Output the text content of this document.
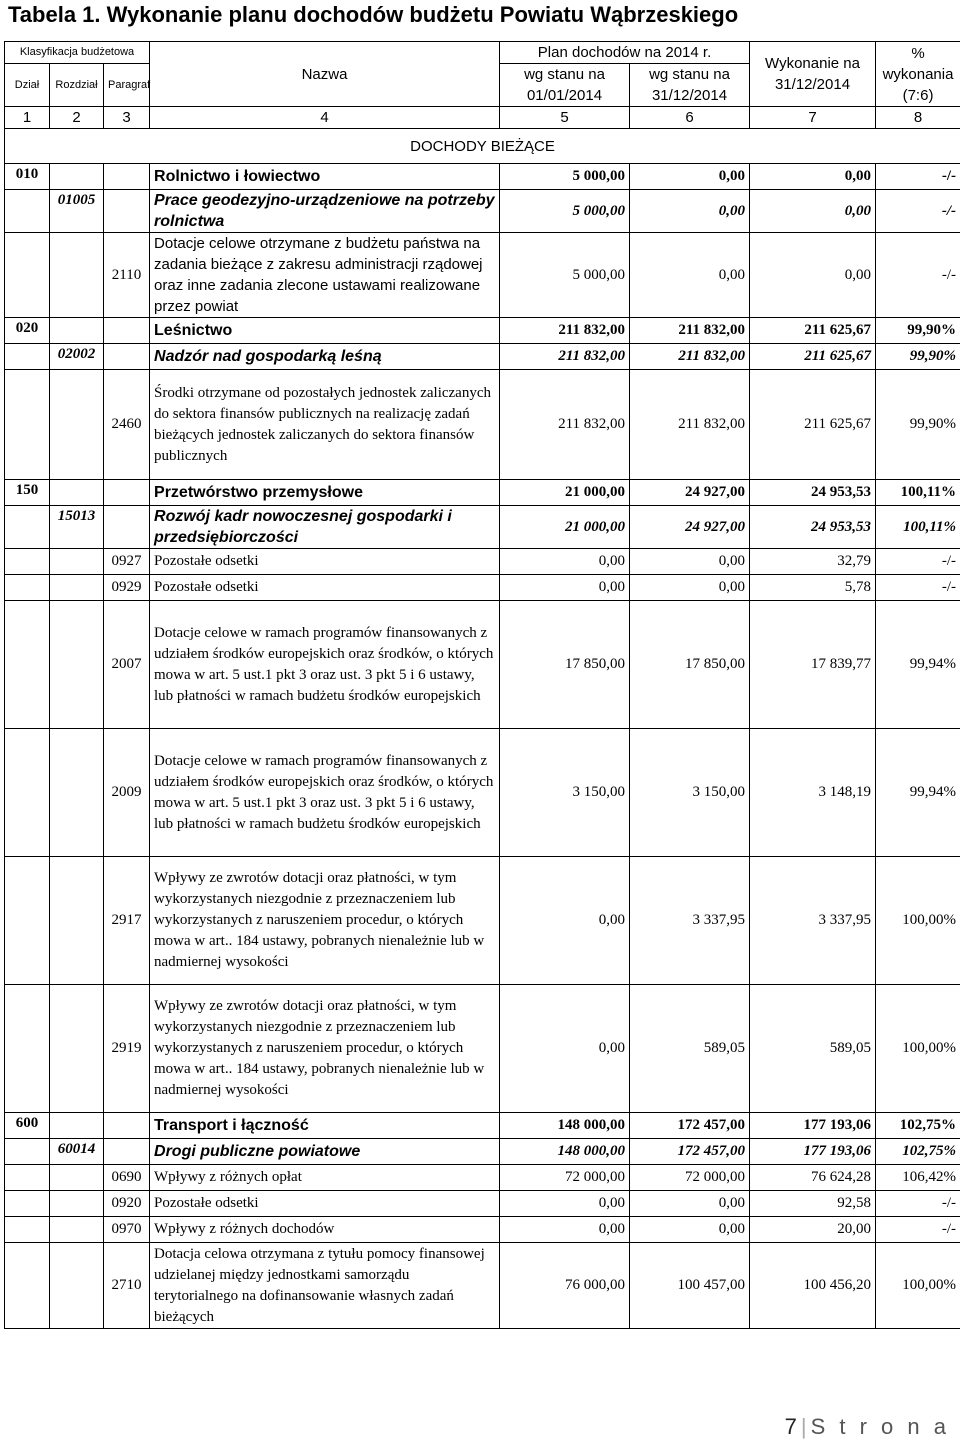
Tabela 1. Wykonanie planu dochodów budżetu Powiatu Wąbrzeskiego
Klasyfikacja budżetowa			Nazwa	Plan dochodów na 2014 r.		Wykonanie na 31/12/2014	% wykonania (7:6)
Dział	Rozdział	Paragraf		wg stanu na 01/01/2014	wg stanu na 31/12/2014		
1	2	3	4	5	6	7	8
DOCHODY BIEŻĄCE							
010			Rolnictwo i łowiectwo	5 000,00	0,00	0,00	-/-
	01005		Prace geodezyjno-urządzeniowe na potrzeby rolnictwa	5 000,00	0,00	0,00	-/-
		2110	Dotacje celowe otrzymane z budżetu państwa na zadania bieżące z zakresu administracji rządowej oraz inne zadania zlecone ustawami realizowane przez powiat	5 000,00	0,00	0,00	-/-
020			Leśnictwo	211 832,00	211 832,00	211 625,67	99,90%
	02002		Nadzór nad gospodarką leśną	211 832,00	211 832,00	211 625,67	99,90%
		2460	Środki otrzymane od pozostałych jednostek zaliczanych do sektora finansów publicznych na realizację zadań bieżących jednostek zaliczanych do sektora finansów publicznych	211 832,00	211 832,00	211 625,67	99,90%
150			Przetwórstwo przemysłowe	21 000,00	24 927,00	24 953,53	100,11%
	15013		Rozwój kadr nowoczesnej gospodarki i przedsiębiorczości	21 000,00	24 927,00	24 953,53	100,11%
		0927	Pozostałe odsetki	0,00	0,00	32,79	-/-
		0929	Pozostałe odsetki	0,00	0,00	5,78	-/-
		2007	Dotacje celowe w ramach programów finansowanych z udziałem środków europejskich oraz środków, o których mowa w art. 5 ust.1 pkt 3 oraz ust. 3 pkt 5 i 6 ustawy, lub płatności w ramach budżetu środków europejskich	17 850,00	17 850,00	17 839,77	99,94%
		2009	Dotacje celowe w ramach programów finansowanych z udziałem środków europejskich oraz środków, o których mowa w art. 5 ust.1 pkt 3 oraz ust. 3 pkt 5 i 6 ustawy, lub płatności w ramach budżetu środków europejskich	3 150,00	3 150,00	3 148,19	99,94%
		2917	Wpływy ze zwrotów dotacji oraz płatności, w tym wykorzystanych niezgodnie z przeznaczeniem lub wykorzystanych z naruszeniem procedur, o których mowa w art.. 184 ustawy, pobranych nienależnie lub w nadmiernej wysokości	0,00	3 337,95	3 337,95	100,00%
		2919	Wpływy ze zwrotów dotacji oraz płatności, w tym wykorzystanych niezgodnie z przeznaczeniem lub wykorzystanych z naruszeniem procedur, o których mowa w art.. 184 ustawy, pobranych nienależnie lub w nadmiernej wysokości	0,00	589,05	589,05	100,00%
600			Transport i łączność	148 000,00	172 457,00	177 193,06	102,75%
	60014		Drogi publiczne powiatowe	148 000,00	172 457,00	177 193,06	102,75%
		0690	Wpływy z różnych opłat	72 000,00	72 000,00	76 624,28	106,42%
		0920	Pozostałe odsetki	0,00	0,00	92,58	-/-
		0970	Wpływy z różnych dochodów	0,00	0,00	20,00	-/-
		2710	Dotacja celowa otrzymana z tytułu pomocy finansowej udzielanej między jednostkami samorządu terytorialnego na dofinansowanie własnych zadań bieżących	76 000,00	100 457,00	100 456,20	100,00%
7 | S t r o n a
